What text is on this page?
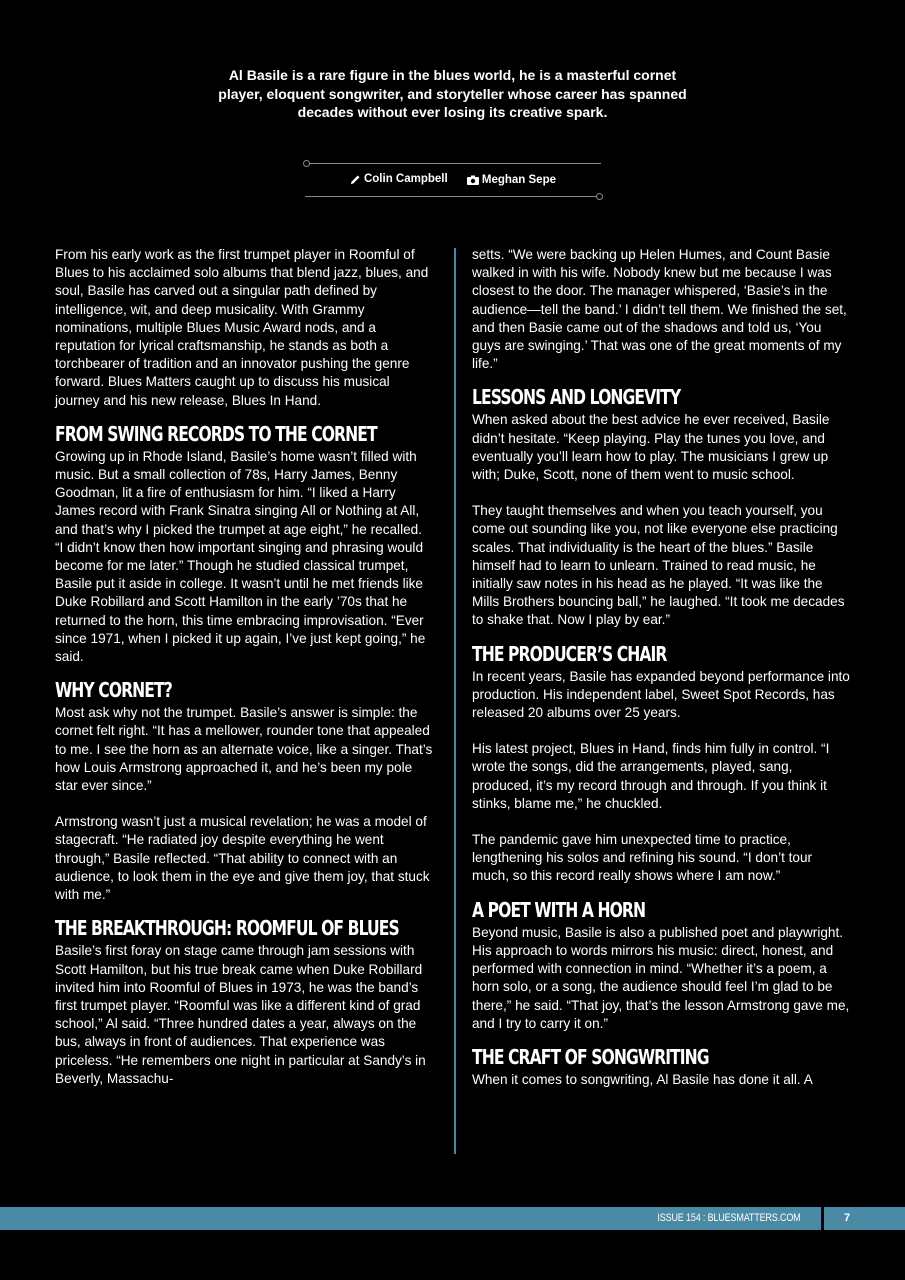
Al Basile is a rare figure in the blues world, he is a masterful cornet player, eloquent songwriter, and storyteller whose career has spanned decades without ever losing its creative spark.
Colin Campbell
	Meghan Sepe

From his early work as the first trumpet player in Roomful of Blues to his acclaimed solo albums that blend jazz, blues, and soul, Basile has carved out a singular path defined by intelligence, wit, and deep musicality. With Grammy nominations, multiple Blues Music Award nods, and a reputation for lyrical craftsmanship, he stands as both a torchbearer of tradition and an innovator pushing the genre forward. Blues Matters caught up to discuss his musical journey and his new release, Blues In Hand.

FROM SWING RECORDS TO THE CORNET

Growing up in Rhode Island, Basile’s home wasn’t filled with music. But a small collection of 78s, Harry James, Benny Goodman, lit a fire of enthusiasm for him. “I liked a Harry James record with Frank Sinatra singing All or Nothing at All, and that’s why I picked the trumpet at age eight,” he recalled. “I didn’t know then how important singing and phrasing would become for me later.” Though he studied classical trumpet, Basile put it aside in college. It wasn’t until he met friends like Duke Robillard and Scott Hamilton in the early ’70s that he returned to the horn, this time embracing improvisation. “Ever since 1971, when I picked it up again, I’ve just kept going,” he said.

WHY CORNET?

Most ask why not the trumpet. Basile’s answer is simple: the cornet felt right. “It has a mellower, rounder tone that appealed to me. I see the horn as an alternate voice, like a singer. That’s how Louis Armstrong approached it, and he’s been my pole star ever since.”

Armstrong wasn’t just a musical revelation; he was a model of stagecraft. “He radiated joy despite everything he went through,” Basile reflected. “That ability to connect with an audience, to look them in the eye and give them joy, that stuck with me.”

THE BREAKTHROUGH: ROOMFUL OF BLUES

Basile’s first foray on stage came through jam sessions with Scott Hamilton, but his true break came when Duke Robillard invited him into Roomful of Blues in 1973, he was the band’s first trumpet player. “Roomful was like a different kind of grad school,” Al said. “Three hundred dates a year, always on the bus, always in front of audiences. That experience was priceless. “He remembers one night in particular at Sandy’s in Beverly, Massachu-

setts. “We were backing up Helen Humes, and Count Basie walked in with his wife. Nobody knew but me because I was closest to the door. The manager whispered, ‘Basie’s in the audience—tell the band.’ I didn’t tell them. We finished the set, and then Basie came out of the shadows and told us, ‘You guys are swinging.’ That was one of the great moments of my life.”

LESSONS AND LONGEVITY

When asked about the best advice he ever received, Basile didn’t hesitate. “Keep playing. Play the tunes you love, and eventually you’ll learn how to play. The musicians I grew up with; Duke, Scott, none of them went to music school.

They taught themselves and when you teach yourself, you come out sounding like you, not like everyone else practicing scales. That individuality is the heart of the blues.” Basile himself had to learn to unlearn. Trained to read music, he initially saw notes in his head as he played. “It was like the Mills Brothers bouncing ball,” he laughed. “It took me decades to shake that. Now I play by ear.”

THE PRODUCER’S CHAIR

In recent years, Basile has expanded beyond performance into production. His independent label, Sweet Spot Records, has released 20 albums over 25 years.

His latest project, Blues in Hand, finds him fully in control. “I wrote the songs, did the arrangements, played, sang, produced, it’s my record through and through. If you think it stinks, blame me,” he chuckled.

The pandemic gave him unexpected time to practice, lengthening his solos and refining his sound. “I don’t tour much, so this record really shows where I am now.”

A POET WITH A HORN

Beyond music, Basile is also a published poet and playwright. His approach to words mirrors his music: direct, honest, and performed with connection in mind. “Whether it’s a poem, a horn solo, or a song, the audience should feel I’m glad to be there,” he said. “That joy, that’s the lesson Armstrong gave me, and I try to carry it on.”

THE CRAFT OF SONGWRITING

When it comes to songwriting, Al Basile has done it all. A

ISSUE 154 : BLUESMATTERS.COM	7
